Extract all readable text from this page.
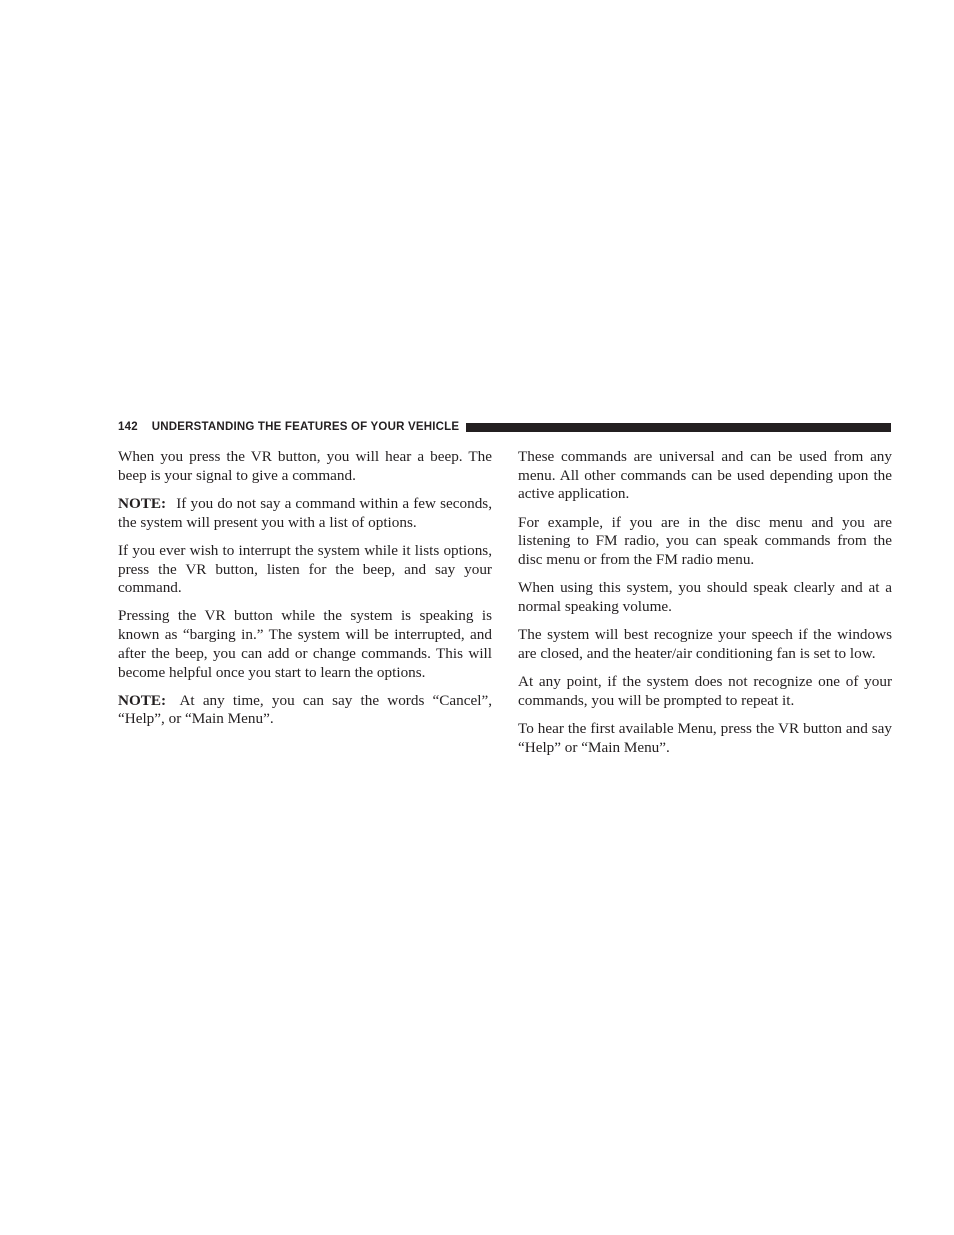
142 UNDERSTANDING THE FEATURES OF YOUR VEHICLE

When you press the VR button, you will hear a beep. The beep is your signal to give a command.

NOTE: If you do not say a command within a few seconds, the system will present you with a list of options.

If you ever wish to interrupt the system while it lists options, press the VR button, listen for the beep, and say your command.

Pressing the VR button while the system is speaking is known as “barging in.” The system will be interrupted, and after the beep, you can add or change commands. This will become helpful once you start to learn the options.

NOTE: At any time, you can say the words “Cancel”, “Help”, or “Main Menu”.

These commands are universal and can be used from any menu. All other commands can be used depending upon the active application.

For example, if you are in the disc menu and you are listening to FM radio, you can speak commands from the disc menu or from the FM radio menu.

When using this system, you should speak clearly and at a normal speaking volume.

The system will best recognize your speech if the windows are closed, and the heater/air conditioning fan is set to low.

At any point, if the system does not recognize one of your commands, you will be prompted to repeat it.

To hear the first available Menu, press the VR button and say “Help” or “Main Menu”.
